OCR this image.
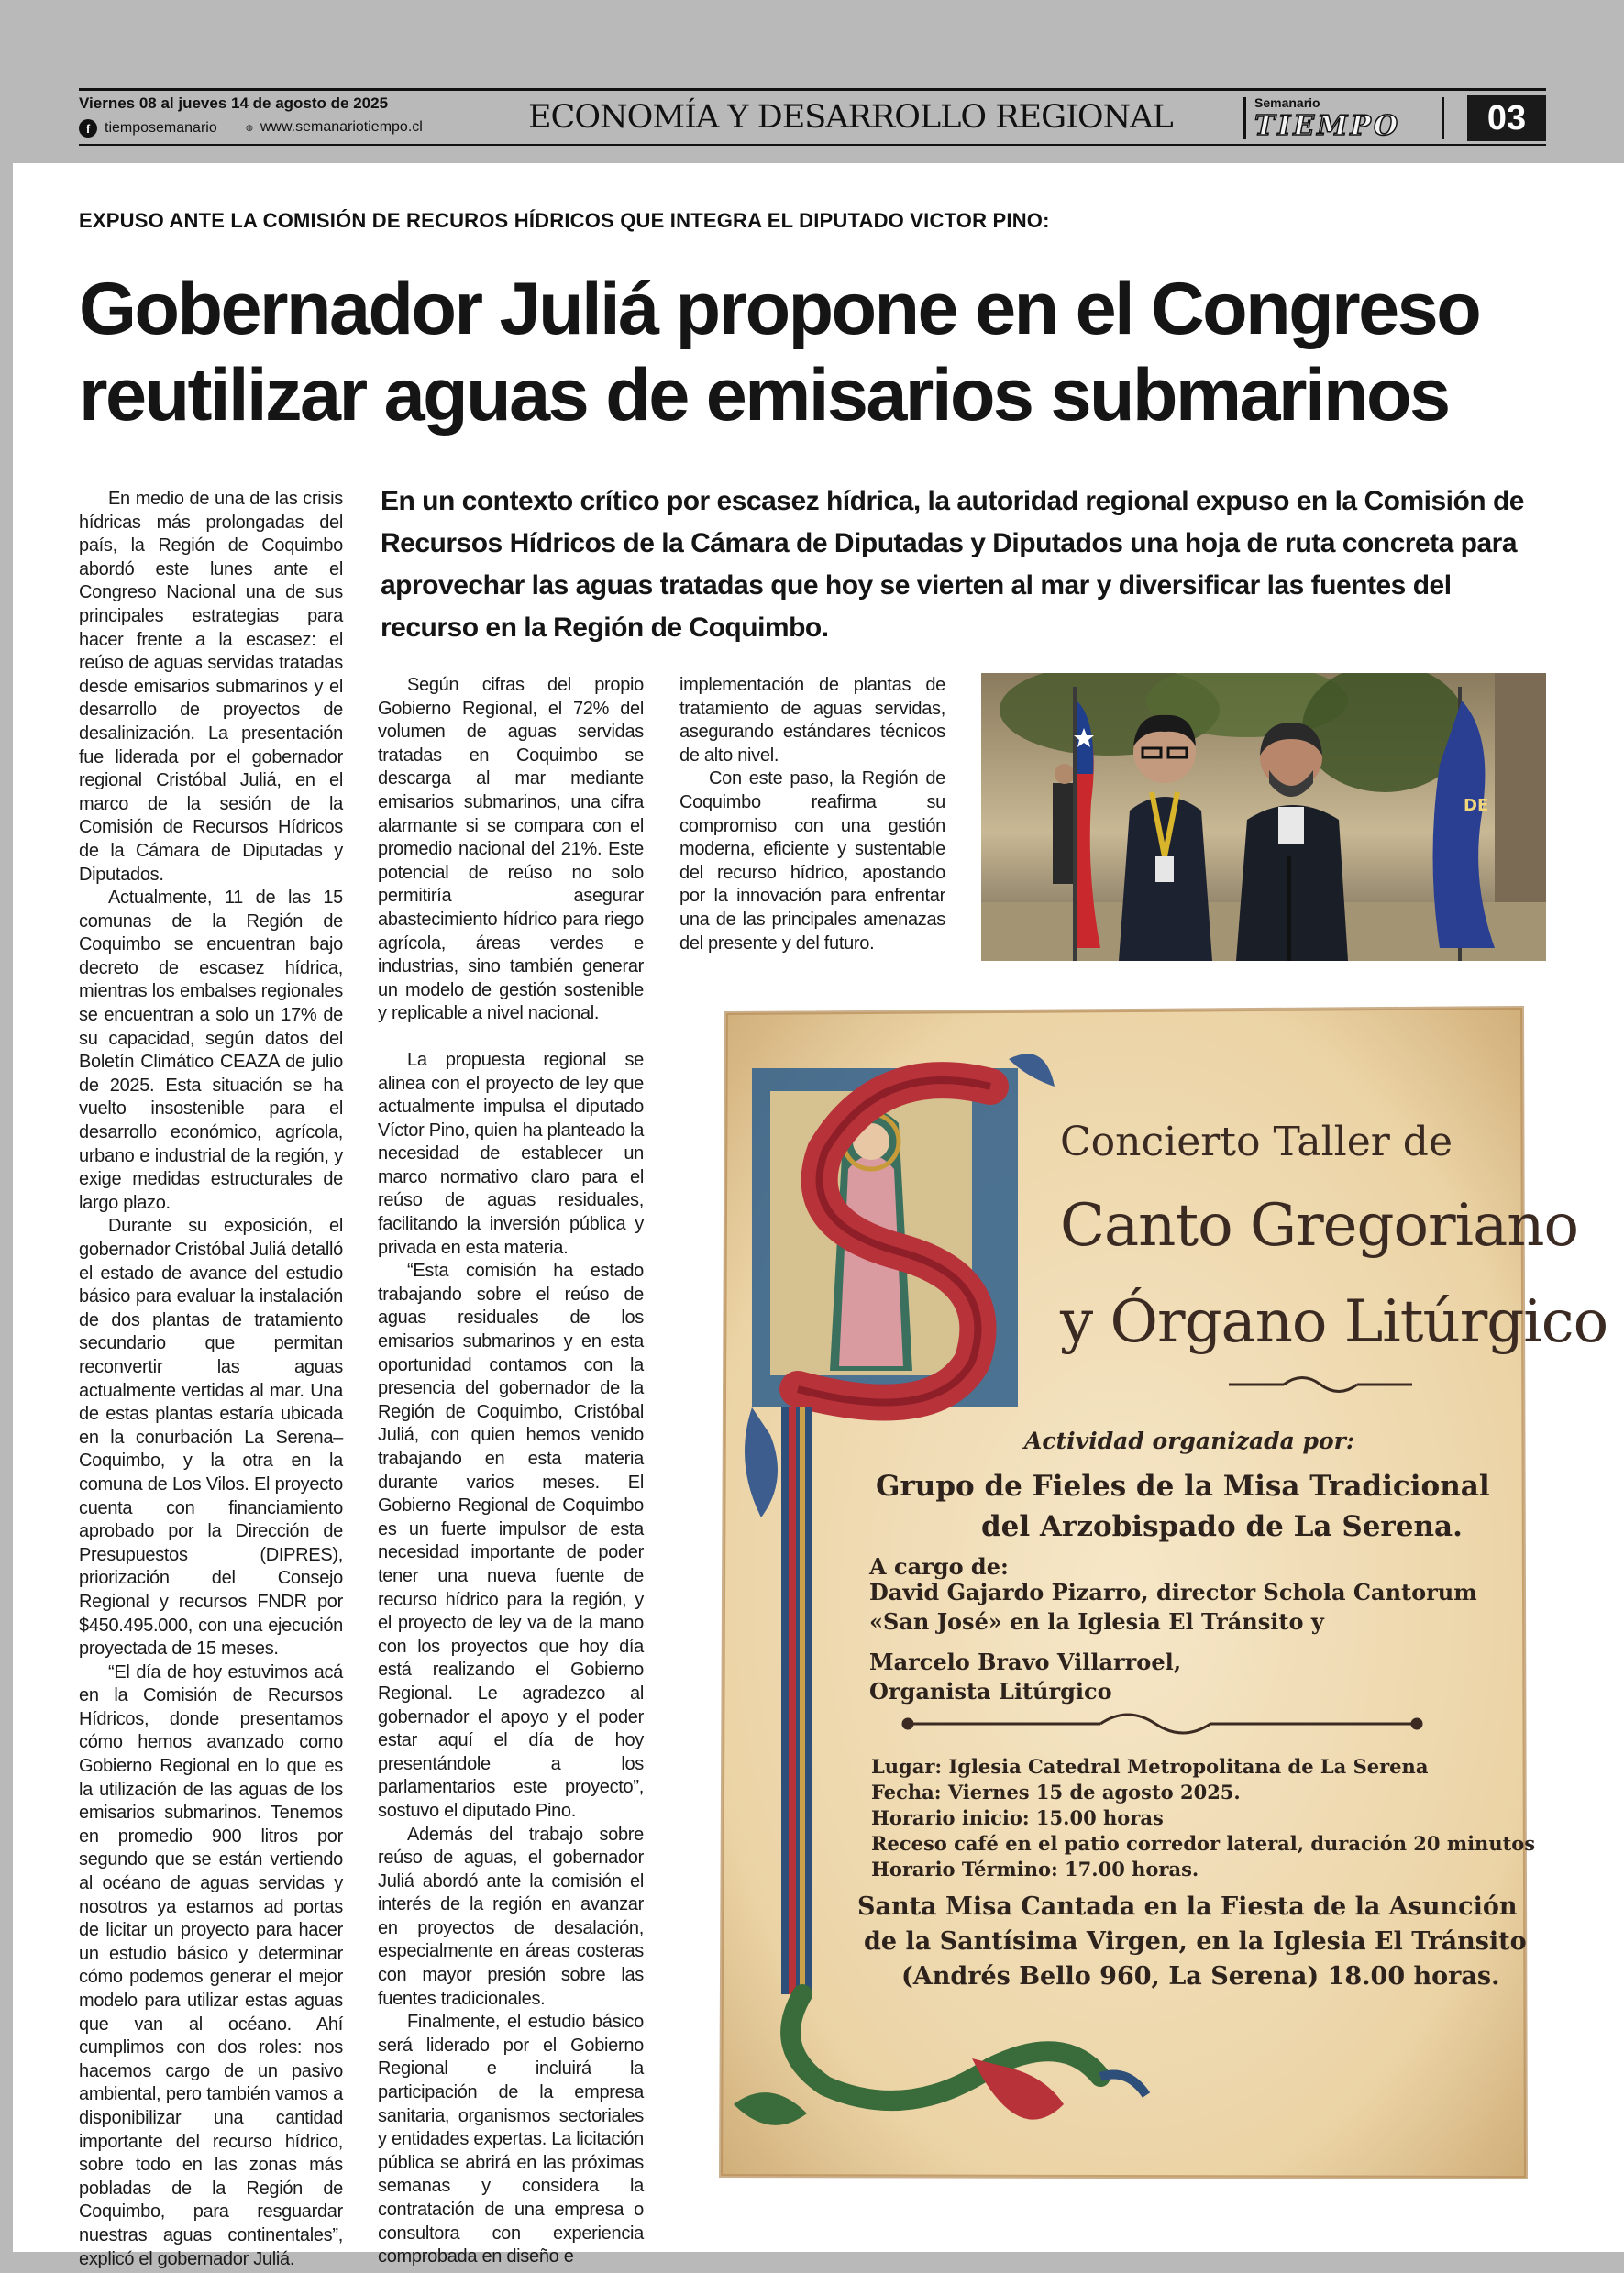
Viernes 08 al jueves 14 de agosto de 2025
f tiemposemanario	◍ www.semanariotiempo.cl	ECONOMÍA Y DESARROLLO REGIONAL	Semanario
TIEMPO	03
EXPUSO ANTE LA COMISIÓN DE RECUROS HÍDRICOS QUE INTEGRA EL DIPUTADO VICTOR PINO:
Gobernador Juliá propone en el Congreso
reutilizar aguas de emisarios submarinos
En un contexto crítico por escasez hídrica, la autoridad regional expuso en la Comisión de Recursos Hídricos de la Cámara de Diputadas y Diputados una hoja de ruta concreta para aprovechar las aguas tratadas que hoy se vierten al mar y diversificar las fuentes del recurso en la Región de Coquimbo.

En medio de una de las crisis hídricas más prolongadas del país, la Región de Coquimbo abordó este lunes ante el Congreso Nacional una de sus principales estrategias para hacer frente a la escasez: el reúso de aguas servidas tratadas desde emisarios submarinos y el desarrollo de proyectos de desalinización. La presentación fue liderada por el gobernador regional Cristóbal Juliá, en el marco de la sesión de la Comisión de Recursos Hídricos de la Cámara de Diputadas y Diputados.

Actualmente, 11 de las 15 comunas de la Región de Coquimbo se encuentran bajo decreto de escasez hídrica, mientras los embalses regionales se encuentran a solo un 17% de su capacidad, según datos del Boletín Climático CEAZA de julio de 2025. Esta situación se ha vuelto insostenible para el desarrollo económico, agrícola, urbano e industrial de la región, y exige medidas estructurales de largo plazo.

Durante su exposición, el gobernador Cristóbal Juliá detalló el estado de avance del estudio básico para evaluar la instalación de dos plantas de tratamiento secundario que permitan reconvertir las aguas actualmente vertidas al mar. Una de estas plantas estaría ubicada en la conurbación La Serena–Coquimbo, y la otra en la comuna de Los Vilos. El proyecto cuenta con financiamiento aprobado por la Dirección de Presupuestos (DIPRES), priorización del Consejo Regional y recursos FNDR por $450.495.000, con una ejecución proyectada de 15 meses.

“El día de hoy estuvimos acá en la Comisión de Recursos Hídricos, donde presentamos cómo hemos avanzado como Gobierno Regional en lo que es la utilización de las aguas de los emisarios submarinos. Tenemos en promedio 900 litros por segundo que se están vertiendo al océano de aguas servidas y nosotros ya estamos ad portas de licitar un proyecto para hacer un estudio básico y determinar cómo podemos generar el mejor modelo para utilizar estas aguas que van al océano. Ahí cumplimos con dos roles: nos hacemos cargo de un pasivo ambiental, pero también vamos a disponibilizar una cantidad importante del recurso hídrico, sobre todo en las zonas más pobladas de la Región de Coquimbo, para resguardar nuestras aguas continentales”, explicó el gobernador Juliá.

Según cifras del propio Gobierno Regional, el 72% del volumen de aguas servidas tratadas en Coquimbo se descarga al mar mediante emisarios submarinos, una cifra alarmante si se compara con el promedio nacional del 21%. Este potencial de reúso no solo permitiría asegurar abastecimiento hídrico para riego agrícola, áreas verdes e industrias, sino también generar un modelo de gestión sostenible y replicable a nivel nacional.

La propuesta regional se alinea con el proyecto de ley que actualmente impulsa el diputado Víctor Pino, quien ha planteado la necesidad de establecer un marco normativo claro para el reúso de aguas residuales, facilitando la inversión pública y privada en esta materia.

“Esta comisión ha estado trabajando sobre el reúso de aguas residuales de los emisarios submarinos y en esta oportunidad contamos con la presencia del gobernador de la Región de Coquimbo, Cristóbal Juliá, con quien hemos venido trabajando en esta materia durante varios meses. El Gobierno Regional de Coquimbo es un fuerte impulsor de esta necesidad importante de poder tener una nueva fuente de recurso hídrico para la región, y el proyecto de ley va de la mano con los proyectos que hoy día está realizando el Gobierno Regional. Le agradezco al gobernador el apoyo y el poder estar aquí el día de hoy presentándole a los parlamentarios este proyecto”, sostuvo el diputado Pino.

Además del trabajo sobre reúso de aguas, el gobernador Juliá abordó ante la comisión el interés de la región en avanzar en proyectos de desalación, especialmente en áreas costeras con mayor presión sobre las fuentes tradicionales.

Finalmente, el estudio básico será liderado por el Gobierno Regional e incluirá la participación de la empresa sanitaria, organismos sectoriales y entidades expertas. La licitación pública se abrirá en las próximas semanas y considera la contratación de una empresa o consultora con experiencia comprobada en diseño e

implementación de plantas de tratamiento de aguas servidas, asegurando estándares técnicos de alto nivel.

Con este paso, la Región de Coquimbo reafirma su compromiso con una gestión moderna, eficiente y sustentable del recurso hídrico, apostando por la innovación para enfrentar una de las principales amenazas del presente y del futuro.

DE
Concierto Taller de
Canto Gregoriano
y Órgano Litúrgico
Actividad organizada por:
Grupo de Fieles de la Misa Tradicional
del Arzobispado de La Serena.
A cargo de:
David Gajardo Pizarro, director Schola Cantorum
«San José» en la Iglesia El Tránsito y
Marcelo Bravo Villarroel,
Organista Litúrgico
Lugar: Iglesia Catedral Metropolitana de La Serena
Fecha: Viernes 15 de agosto 2025.
Horario inicio: 15.00 horas
Receso café en el patio corredor lateral, duración 20 minutos
Horario Término: 17.00 horas.
Santa Misa Cantada en la Fiesta de la Asunción
de la Santísima Virgen, en la Iglesia El Tránsito
(Andrés Bello 960, La Serena) 18.00 horas.
